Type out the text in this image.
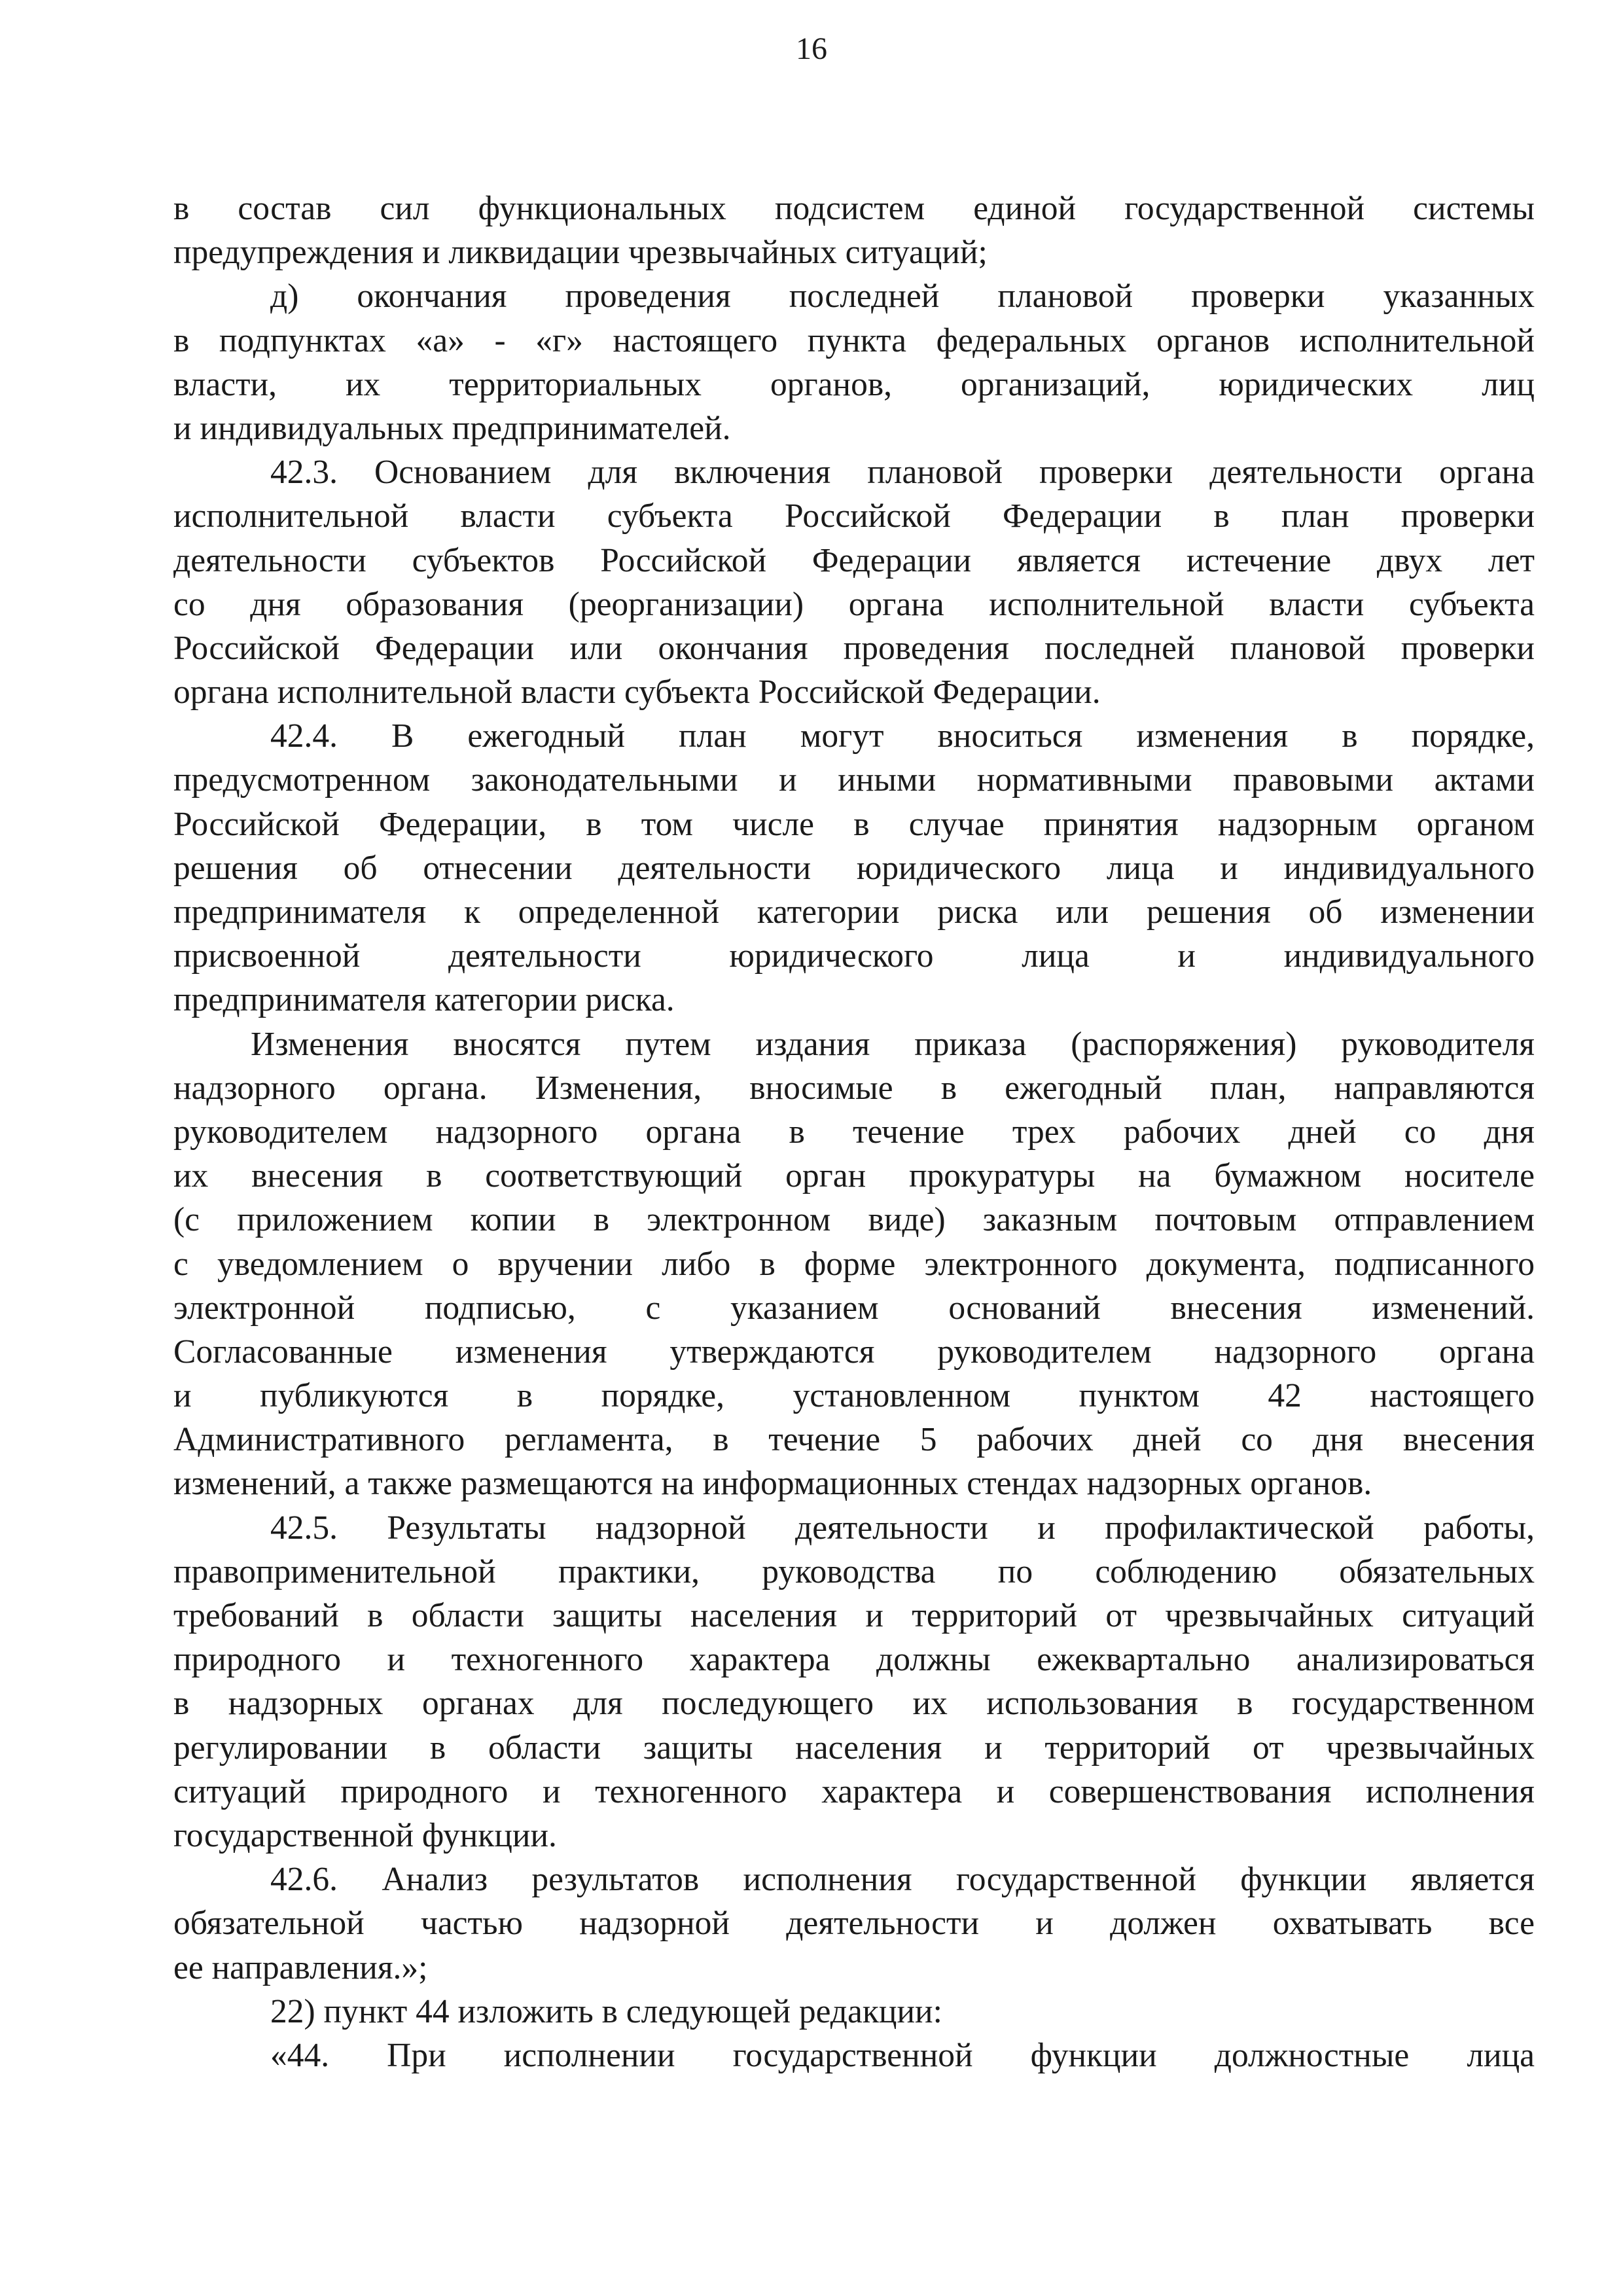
16
в состав сил функциональных подсистем единой государственной системы
предупреждения и ликвидации чрезвычайных ситуаций;
д) окончания проведения последней плановой проверки указанных
в подпунктах «а» - «г» настоящего пункта федеральных органов исполнительной
власти, их территориальных органов, организаций, юридических лиц
и индивидуальных предпринимателей.
42.3. Основанием для включения плановой проверки деятельности органа
исполнительной власти субъекта Российской Федерации в план проверки
деятельности субъектов Российской Федерации является истечение двух лет
со дня образования (реорганизации) органа исполнительной власти субъекта
Российской Федерации или окончания проведения последней плановой проверки
органа исполнительной власти субъекта Российской Федерации.
42.4. В ежегодный план могут вноситься изменения в порядке,
предусмотренном законодательными и иными нормативными правовыми актами
Российской Федерации, в том числе в случае принятия надзорным органом
решения об отнесении деятельности юридического лица и индивидуального
предпринимателя к определенной категории риска или решения об изменении
присвоенной деятельности юридического лица и индивидуального
предпринимателя категории риска.
Изменения вносятся путем издания приказа (распоряжения) руководителя
надзорного органа. Изменения, вносимые в ежегодный план, направляются
руководителем надзорного органа в течение трех рабочих дней со дня
их внесения в соответствующий орган прокуратуры на бумажном носителе
(с приложением копии в электронном виде) заказным почтовым отправлением
с уведомлением о вручении либо в форме электронного документа, подписанного
электронной подписью, с указанием оснований внесения изменений.
Согласованные изменения утверждаются руководителем надзорного органа
и публикуются в порядке, установленном пунктом 42 настоящего
Административного регламента, в течение 5 рабочих дней со дня внесения
изменений, а также размещаются на информационных стендах надзорных органов.
42.5. Результаты надзорной деятельности и профилактической работы,
правоприменительной практики, руководства по соблюдению обязательных
требований в области защиты населения и территорий от чрезвычайных ситуаций
природного и техногенного характера должны ежеквартально анализироваться
в надзорных органах для последующего их использования в государственном
регулировании в области защиты населения и территорий от чрезвычайных
ситуаций природного и техногенного характера и совершенствования исполнения
государственной функции.
42.6. Анализ результатов исполнения государственной функции является
обязательной частью надзорной деятельности и должен охватывать все
ее направления.»;
22) пункт 44 изложить в следующей редакции:
«44. При исполнении государственной функции должностные лица
